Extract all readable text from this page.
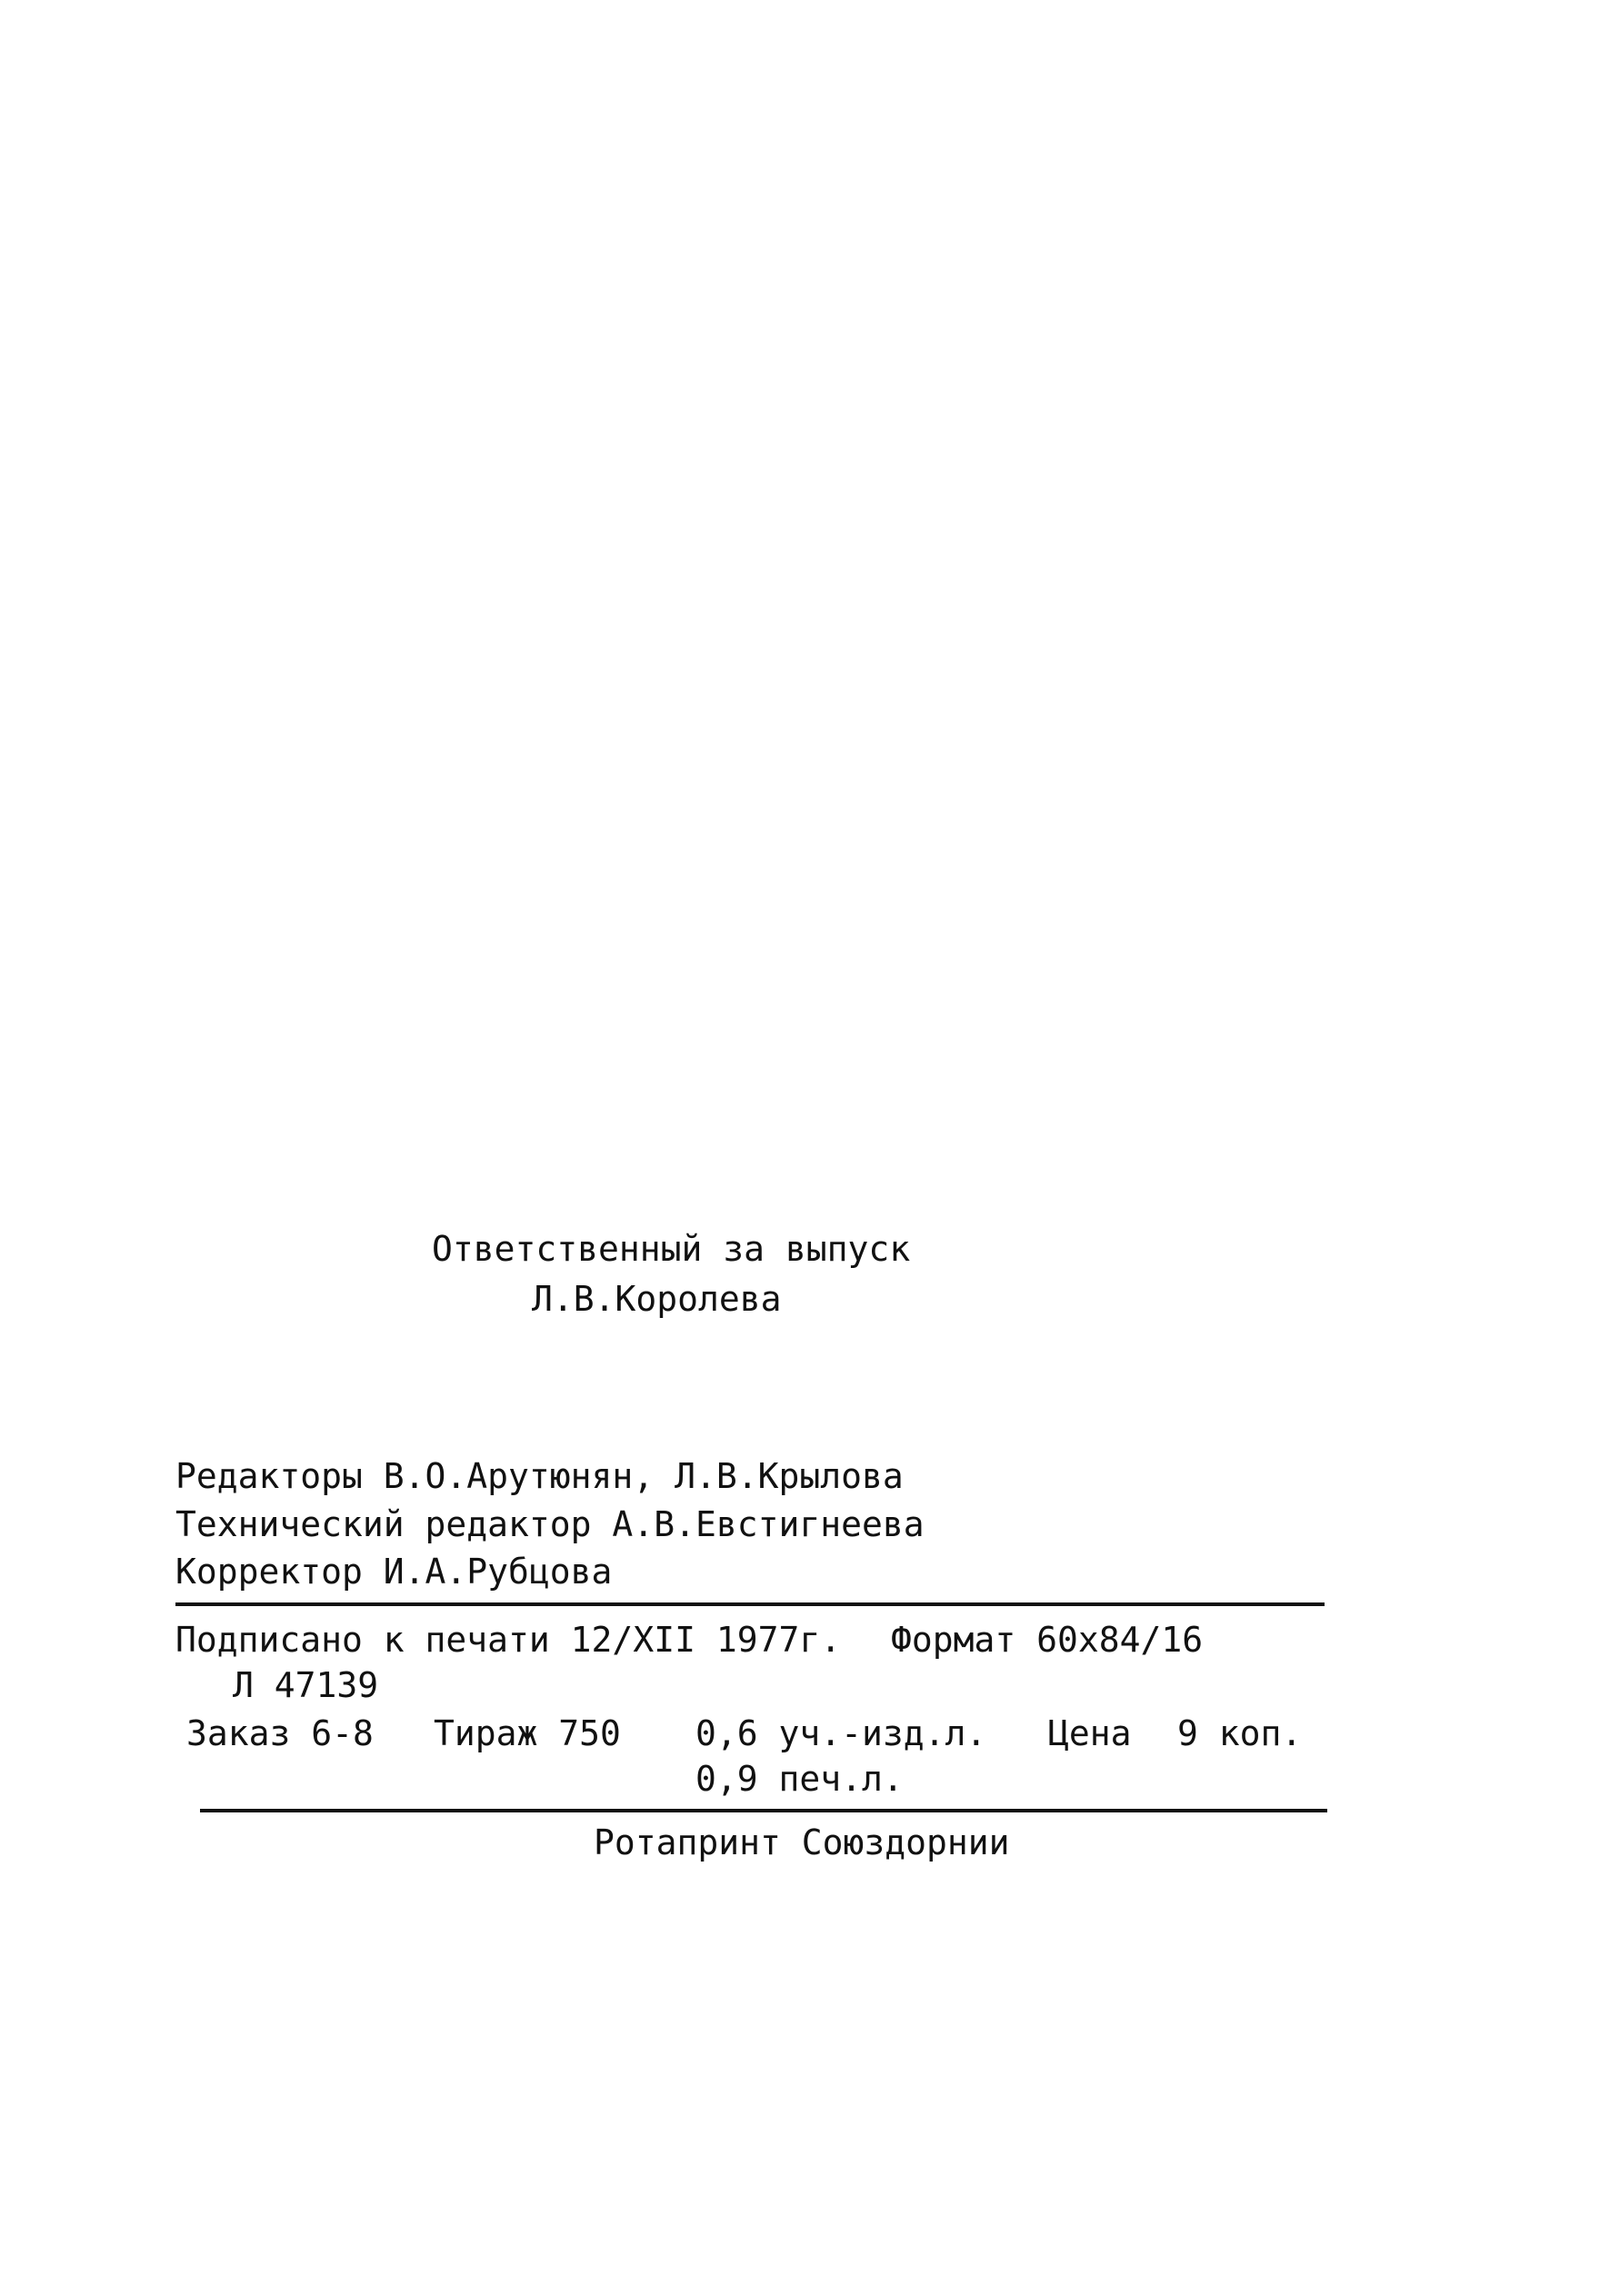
Ответственный за выпуск
Л.В.Королева
Редакторы В.О.Арутюнян, Л.В.Крылова
Технический редактор А.В.Евстигнеева
Корректор И.А.Рубцова
Подписано к печати 12/XII 1977г. Формат 60х84/16
Л 47139
Заказ 6-8 Тираж 750 0,6 уч.-изд.л. Цена 9 коп.
0,9 печ.л.
Ротапринт Союздорнии
